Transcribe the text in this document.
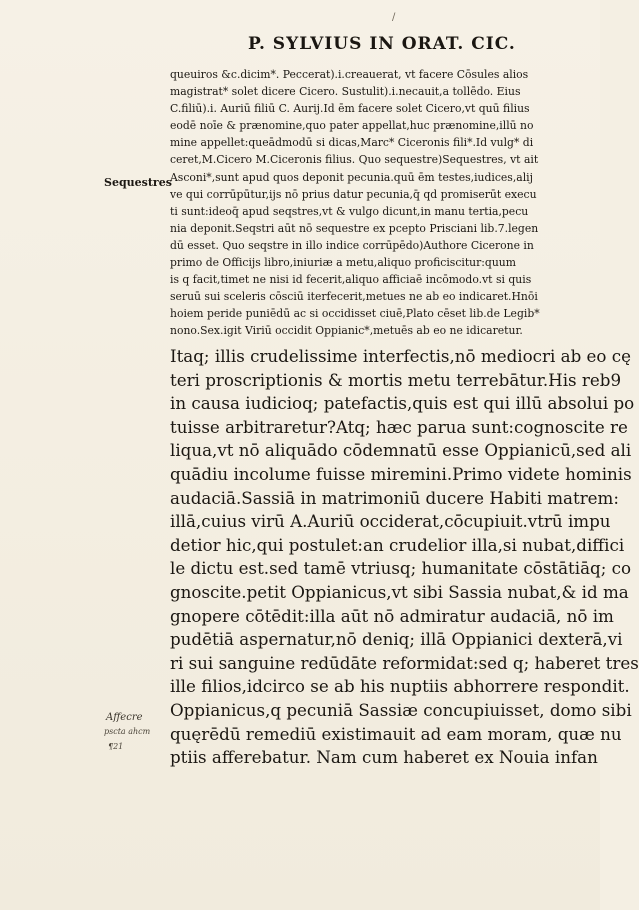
/
P. SYLVIUS IN ORAT. CIC.
Sequestres
Affecre
pscta ahcm
¶21
queuiros &c.dicim*. Peccerat).i.creauerat, vt facere Cōsules alios
magistrat* solet dicere Cicero. Sustulit).i.necauit,a tollēdo. Eius
C.filiū).i. Auriū filiū C. Aurij.Id ēm facere solet Cicero,vt quū filius
eodē noīe & prænomine,quo pater appellat,huc prænomine,illū no
mine appellet:queādmodū si dicas,Marc* Ciceronis fili*.Id vulg* di
ceret,M.Cicero M.Ciceronis filius. Quo sequestre)Sequestres, vt ait
Asconi*,sunt apud quos deponit pecunia.quū ēm testes,iudices,alij
ve qui corrūpūtur,ijs nō prius datur pecunia,q̄ qd promiserūt execu
ti sunt:ideoq̄ apud seqstres,vt & vulgo dicunt,in manu tertia,pecu
nia deponit.Seqstri aūt nō sequestre ex pcepto Prisciani lib.7.legen
dū esset. Quo seqstre in illo indice corrūpēdo)Authore Cicerone in
primo de Officijs libro,iniuriæ a metu,aliquo proficiscitur:quum
is q facit,timet ne nisi id fecerit,aliquo afficiaē incōmodo.vt si quis
seruū sui sceleris cōsciū iterfecerit,metues ne ab eo indicaret.Hnōi
hoiem peride puniēdū ac si occidisset ciuē,Plato cēset lib.de Legib*
nono.Sex.igit Viriū occidit Oppianic*,metuēs ab eo ne idicaretur.
Itaq; illis crudelissime interfectis,nō mediocri ab eo cę
teri proscriptionis & mortis metu terrebātur.His reb9
in causa iudicioq; patefactis,quis est qui illū absolui po
tuisse arbitraretur?Atq; hæc parua sunt:cognoscite re
liqua,vt nō aliquādo cōdemnatū esse Oppianicū,sed ali
quādiu incolume fuisse miremini.Primo videte hominis
audaciā.Sassiā in matrimoniū ducere Habiti matrem:
illā,cuius virū A.Auriū occiderat,cōcupiuit.vtrū impu
detior hic,qui postulet:an crudelior illa,si nubat,diffici
le dictu est.sed tamē vtriusq; humanitate cōstātiāq; co
gnoscite.petit Oppianicus,vt sibi Sassia nubat,& id ma
gnopere cōtēdit:illa aūt nō admiratur audaciā, nō im
pudētiā aspernatur,nō deniq; illā Oppianici dexterā,vi
ri sui sanguine redūdāte reformidat:sed q; haberet tres
ille filios,idcirco se ab his nuptiis abhorrere respondit.
Oppianicus,q pecuniā Sassiæ concupiuisset, domo sibi
quęrēdū remediū existimauit ad eam moram, quæ nu
ptiis afferebatur. Nam cum haberet ex Nouia infan
